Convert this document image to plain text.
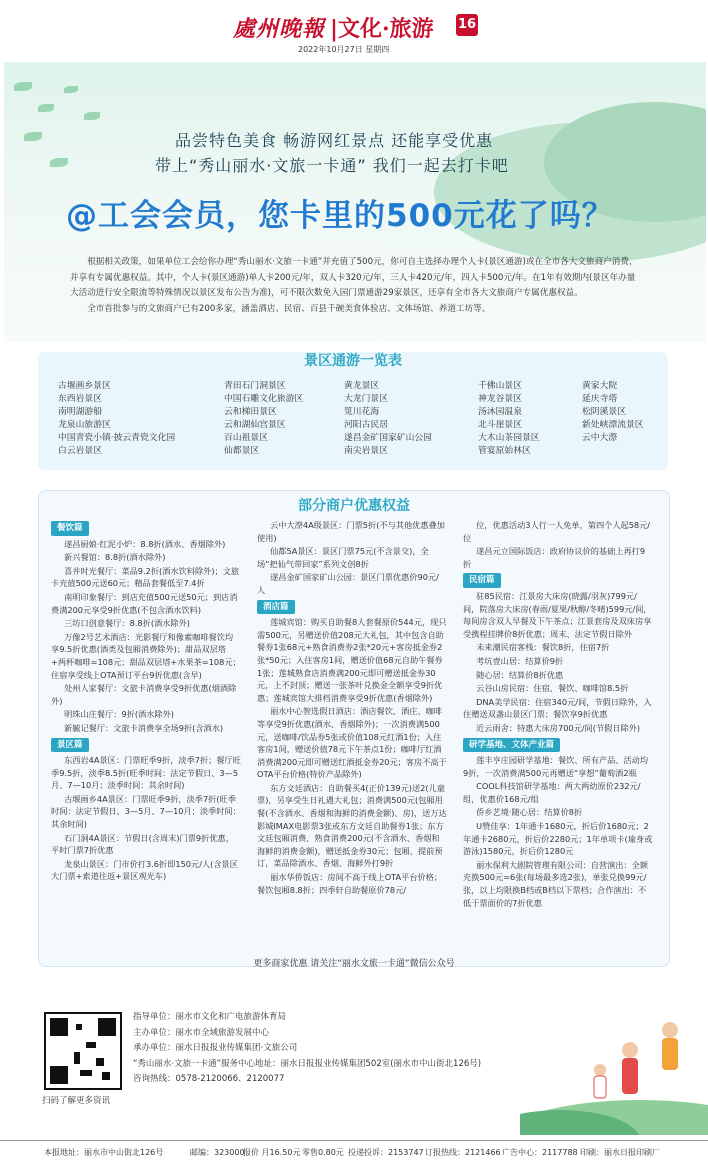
處州晚報 |文化·旅游 16
2022年10月27日 星期四
品尝特色美食 畅游网红景点 还能享受优惠
带上“秀山丽水·文旅一卡通” 我们一起去打卡吧
@工会会员，您卡里的500元花了吗？

根据相关政策，如果单位工会给你办理“秀山丽水·文旅一卡通”并充值了500元，你可自主选择办理个人卡(景区通游)或在全市各大文旅商户消费，并享有专属优惠权益。其中，个人卡(景区通游)单人卡200元/年，双人卡320元/年，三人卡420元/年，四人卡500元/年。在1年有效期内(景区年办量大活动进行安全限流等特殊情况以景区发布公告为准)，可不限次数免入园门票通游29家景区，还享有全市各大文旅商户专属优惠权益。

全市首批参与的文旅商户已有200多家，涵盖酒店、民宿、百县千碗美食体验店、文体场馆、养道工坊等。

景区通游一览表
古堰画乡景区
东西岩景区
南明湖游船
龙泉山旅游区
中国青瓷小镇·披云青瓷文化园
白云岩景区
青田石门洞景区
中国石雕文化旅游区
云和梯田景区
云和湖仙宫景区
百山祖景区
仙都景区
黄龙景区
大龙门景区
笕川花海
河阳古民居
遂昌金矿国家矿山公园
南尖岩景区
千佛山景区
神龙谷景区
汤沐园温泉
北斗崖景区
大木山茶园景区
管宴原始林区
黄家大院
延庆寺塔
松阴溪景区
新处峡漂流景区
云中大漈
部分商户优惠权益
餐饮篇

遂昌厨娘·红泥小炉：8.8折(酒水、香烟除外)

新兴餐馆：8.8折(酒水除外)

喜井时光餐厅：菜品9.2折(酒水饮料除外)；文旅卡充值500元送60元；精品套餐低至7.4折

南明印象餐厅：到店充值500元送50元；到店消费满200元享受9折优惠(不包含酒水饮料)

三坊口创意餐厅：8.8折(酒水除外)

万像2号艺术酒店：光影餐厅和像素咖啡餐饮均享9.5折优惠(酒类及包厢消费除外)；甜品双层塔+两杯咖啡=108元；甜品双层塔+水果茶=108元；住宿享受线上OTA预订平台9折优惠(含早)

处州人家餐厅：文旅卡消费享受9折优惠(烟酒除外)

明珠山庄餐厅：9折(酒水除外)

新毓记餐厅：文旅卡消费享全场9折(含酒水)

景区篇

东西岩4A景区：门票旺季9折，淡季7折；餐厅旺季9.5折，淡季8.5折(旺季时间：法定节假日、3—5月、7—10月；淡季时间：其余时间)

古堰画乡4A景区：门票旺季9折，淡季7折(旺季时间：法定节假日、3—5月、7—10月；淡季时间：其余时间)

石门洞4A景区：节假日(含周末)门票9折优惠，平时门票7折优惠

龙泉山景区：门市价打3.6折即150元/人(含景区大门票+索道往返+景区观光车)

云中大漈4A级景区：门票5折(不与其他优惠叠加使用)

仙都5A景区：景区门票75元(不含景交)，全场“把仙气带回家”系列文创8折

遂昌金矿国家矿山公园：景区门票优惠价90元/人

酒店篇

莲城宾馆：购买自助餐8人套餐原价544元，现只需500元，另赠送价值208元大礼包，其中包含自助餐券1张68元+熟食消费券2张*20元+客房抵金券2张*50元；入住客房1间，赠送价值68元自助午餐券1张；莲城熟食店消费满200元即可赠送抵金券30元，上不封顶；赠送一张茶叶兑换金全额享受9折优惠；莲城宾馆大排档消费享受9折优惠(香烟除外)

丽水中心智选假日酒店：酒店餐饮、酒庄、咖啡等享受9折优惠(酒水、香烟除外)；一次消费满500元，送咖啡/饮品券5张或价值108元红酒1份；入住客房1间，赠送价值78元下午茶点1份；咖啡厅红酒消费满200元即可赠送红酒抵金券20元；客房不高于OTA平台价格(特价产品除外)

东方文廷酒店：自助餐买4(正价139元)送2(儿童票)，另享受生日礼遇大礼包；消费满500元(包厢用餐(不含酒水、香烟和海鲜的消费金额)、房)，送万达影城IMAX电影票3张或东方文廷自助餐券1张；东方文廷包厢消费、熟食消费200元(不含酒水、香烟和海鲜的消费金额)，赠送抵金券30元；包厢、提前预订，菜品除酒水、香烟、海鲜外打9折

丽水华侨饭店：房间不高于线上OTA平台价格；餐饮包厢8.8折；四季轩自助餐原价78元/

位，优惠活动3人行一人免单，第四个人起58元/位

遂昌元立国际饭店：政府协议价的基础上再打9折

民宿篇

驻85民宿：江景房大床房(晓露/羽灰)799元/间，院落房大床房(春雨/夏果/秋醇/冬晴)599元/间，每间房含双人早餐及下午茶点；江景套房及双床房享受携程挂牌价8折优惠；周末、法定节假日除外

未来潮民宿客栈：餐饮8折，住宿7折

考坑壹山居：结算价9折

随心居：结算价8折优惠

云谷山房民宿：住宿、餐饮、咖啡馆8.5折

DNA美学民宿：住宿340元/间，节假日除外，入住赠送双盏山景区门票；餐饮享9折优惠

近云雨舍：特惠大床房700元/间(节假日除外)

研学基地、文体产业篇

莲丰亨庄园研学基地：餐饮、所有产品、活动均9折，一次消费满500元再赠送“享想”葡萄酒2瓶

COOL科技馆研学基地：两大两幼原价232元/组，优惠价168元/组

侨乡艺境·随心居：结算价8折

U赞佳享：1年通卡1680元，折后价1680元；2年通卡2680元，折后价2280元；1年单项卡(瑜身或游泳)1580元，折后价1280元

丽水保利大剧院管理有限公司：自营演出：全额充换500元=6张(每场最多选2张)，单张兑换99元/张，以上均限换B档或B档以下票档；合作演出：不低于票面价的7折优惠

更多商家优惠 请关注“丽水文旅一卡通”微信公众号
扫码了解更多资讯
指导单位：丽水市文化和广电旅游体育局
主办单位：丽水市全域旅游发展中心
承办单位：丽水日报报业传媒集团·文旅公司
“秀山丽水·文旅一卡通”服务中心地址：丽水日报报业传媒集团502室(丽水市中山街北126号)
咨询热线：0578-2120066、2120077
本报地址：丽水市中山街北126号	邮编：323000
报价 月16.50元 零售0.80元 投递投诉：2153747 订报热线：2121466 广告中心：2117788 印刷：丽水日报印刷厂
